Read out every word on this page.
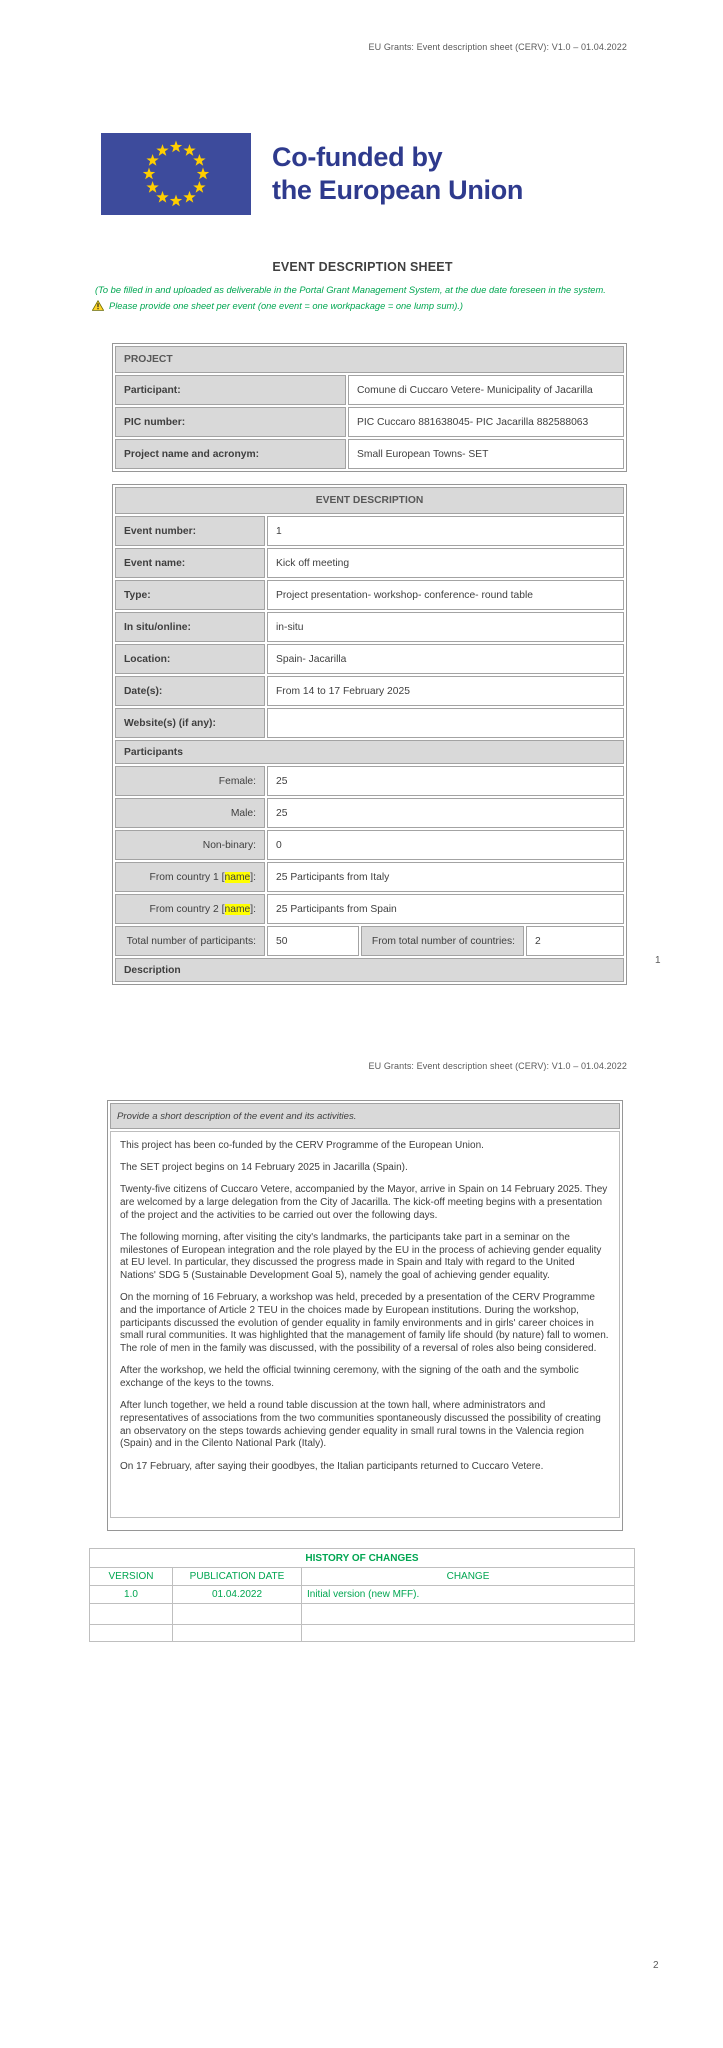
EU Grants: Event description sheet (CERV): V1.0 – 01.04.2022
Co-funded by
the European Union
EVENT DESCRIPTION SHEET
(To be filled in and uploaded as deliverable in the Portal Grant Management System, at the due date foreseen in the system.
Please provide one sheet per event (one event = one workpackage = one lump sum).)
PROJECT	
Participant:	Comune di Cuccaro Vetere- Municipality of Jacarilla
PIC number:	PIC Cuccaro 881638045- PIC Jacarilla 882588063
Project name and acronym:	Small European Towns- SET
EVENT DESCRIPTION			
Event number:	1		
Event name:	Kick off meeting		
Type:	Project presentation- workshop- conference- round table		
In situ/online:	in-situ		
Location:	Spain- Jacarilla		
Date(s):	From 14 to 17 February 2025		
Website(s) (if any):			
Participants			
Female:	25		
Male:	25		
Non-binary:	0		
From country 1 [name]:	25 Participants from Italy		
From country 2 [name]:	25 Participants from Spain		
Total number of participants:	50	From total number of countries:	2
Description			
1
EU Grants: Event description sheet (CERV): V1.0 – 01.04.2022
Provide a short description of the event and its activities.

This project has been co-funded by the CERV Programme of the European Union.

The SET project begins on 14 February 2025 in Jacarilla (Spain).

Twenty-five citizens of Cuccaro Vetere, accompanied by the Mayor, arrive in Spain on 14 February 2025. They are welcomed by a large delegation from the City of Jacarilla. The kick-off meeting begins with a presentation of the project and the activities to be carried out over the following days.

The following morning, after visiting the city's landmarks, the participants take part in a seminar on the milestones of European integration and the role played by the EU in the process of achieving gender equality at EU level. In particular, they discussed the progress made in Spain and Italy with regard to the United Nations' SDG 5 (Sustainable Development Goal 5), namely the goal of achieving gender equality.

On the morning of 16 February, a workshop was held, preceded by a presentation of the CERV Programme and the importance of Article 2 TEU in the choices made by European institutions. During the workshop, participants discussed the evolution of gender equality in family environments and in girls' career choices in small rural communities. It was highlighted that the management of family life should (by nature) fall to women. The role of men in the family was discussed, with the possibility of a reversal of roles also being considered.

After the workshop, we held the official twinning ceremony, with the signing of the oath and the symbolic exchange of the keys to the towns.

After lunch together, we held a round table discussion at the town hall, where administrators and representatives of associations from the two communities spontaneously discussed the possibility of creating an observatory on the steps towards achieving gender equality in small rural towns in the Valencia region (Spain) and in the Cilento National Park (Italy).

On 17 February, after saying their goodbyes, the Italian participants returned to Cuccaro Vetere.

HISTORY OF CHANGES		
VERSION	PUBLICATION DATE	CHANGE
1.0	01.04.2022	Initial version (new MFF).

2
